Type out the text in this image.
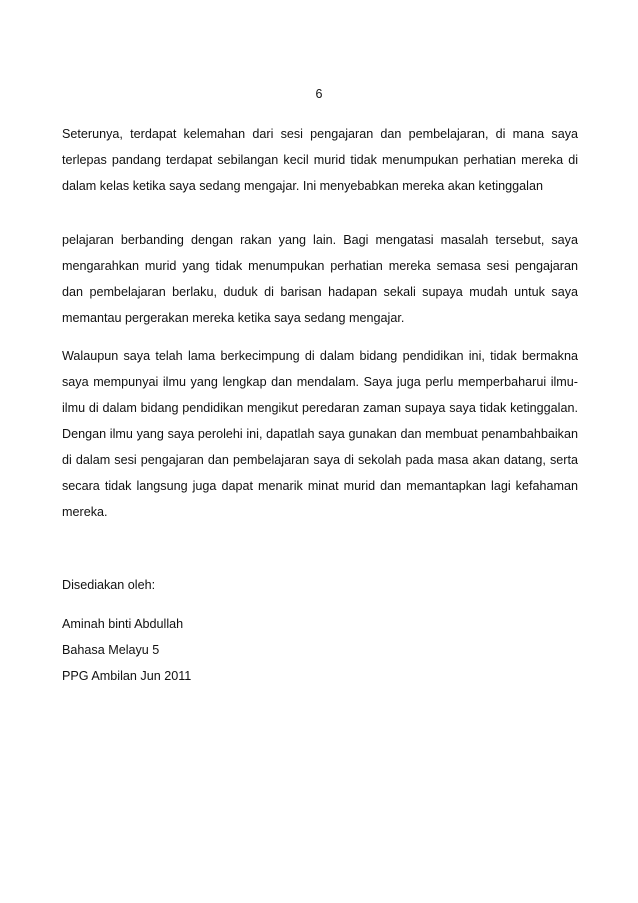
6

Seterunya, terdapat kelemahan dari sesi pengajaran dan pembelajaran, di mana saya terlepas pandang terdapat sebilangan kecil murid tidak menumpukan perhatian mereka di dalam kelas ketika saya sedang mengajar. Ini menyebabkan mereka akan ketinggalan

pelajaran berbanding dengan rakan yang lain. Bagi mengatasi masalah tersebut, saya mengarahkan murid yang tidak menumpukan perhatian mereka semasa sesi pengajaran dan pembelajaran berlaku, duduk di barisan hadapan sekali supaya mudah untuk saya memantau pergerakan mereka ketika saya sedang mengajar.

Walaupun saya telah lama berkecimpung di dalam bidang pendidikan ini, tidak bermakna saya mempunyai ilmu yang lengkap dan mendalam. Saya juga perlu memperbaharui ilmu-ilmu di dalam bidang pendidikan mengikut peredaran zaman supaya saya tidak ketinggalan. Dengan ilmu yang saya perolehi ini, dapatlah saya gunakan dan membuat penambahbaikan di dalam sesi pengajaran dan pembelajaran saya di sekolah pada masa akan datang, serta secara tidak langsung juga dapat menarik minat murid dan memantapkan lagi kefahaman mereka.

Disediakan oleh:
Aminah binti Abdullah
Bahasa Melayu 5
PPG Ambilan Jun 2011
